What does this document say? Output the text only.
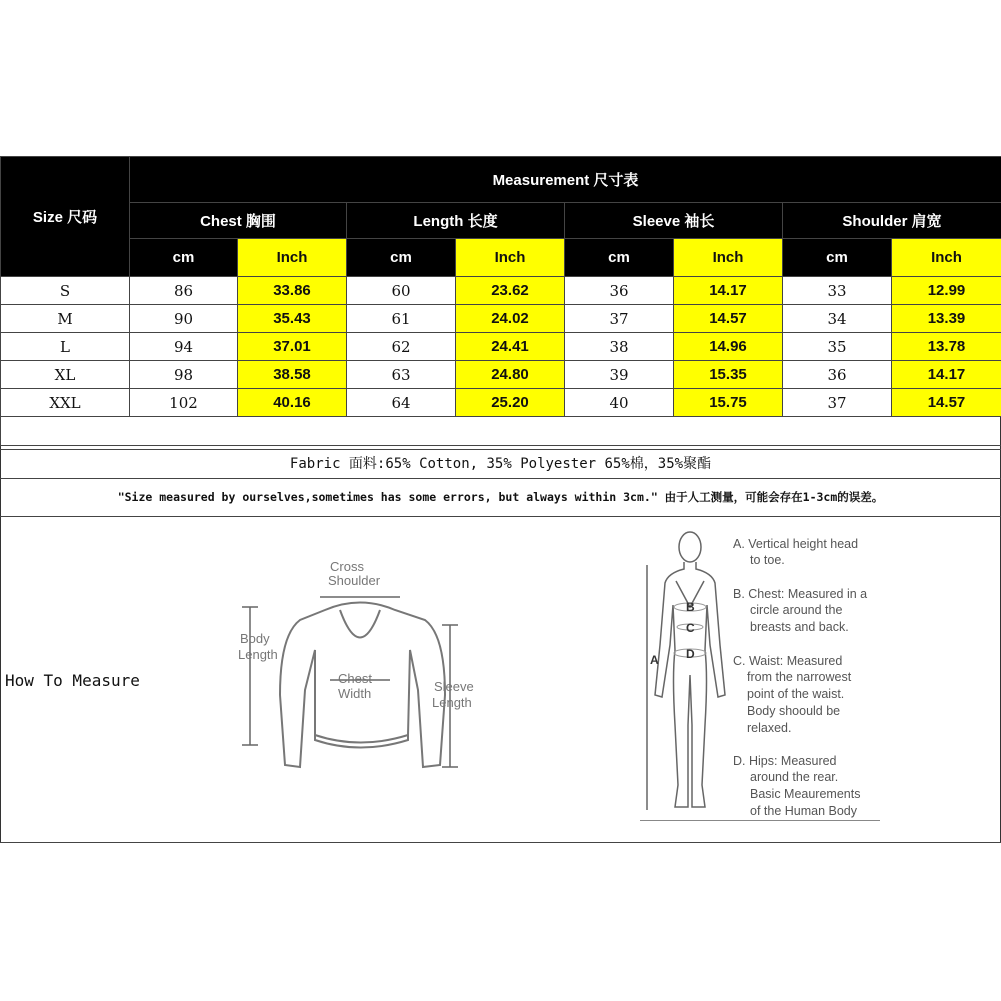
Size 尺码	Measurement 尺寸表							
	Chest 胸围		Length 长度		Sleeve 袖长		Shoulder 肩宽	
	cm	Inch	cm	Inch	cm	Inch	cm	Inch
S	86	33.86	60	23.62	36	14.17	33	12.99
M	90	35.43	61	24.02	37	14.57	34	13.39
L	94	37.01	62	24.41	38	14.96	35	13.78
XL	98	38.58	63	24.80	39	15.35	36	14.17
XXL	102	40.16	64	25.20	40	15.75	37	14.57

Fabric 面料:65% Cotton, 35% Polyester 65%棉，35%聚酯
"Size measured by ourselves,sometimes has some errors, but always within 3cm." 由于人工测量，可能会存在1-3cm的误差。
How To Measure
Cross
Shoulder
Body
Length
Chest
Width	Sleeve
Length
A
B
C
D
A. Vertical height head
to toe.
B. Chest: Measured in a
circle around the
breasts and back.
C. Waist: Measured
from the narrowest
point of the waist.
Body shoould be
relaxed.
D. Hips: Measured
around the rear.
Basic Meaurements
of the Human Body
